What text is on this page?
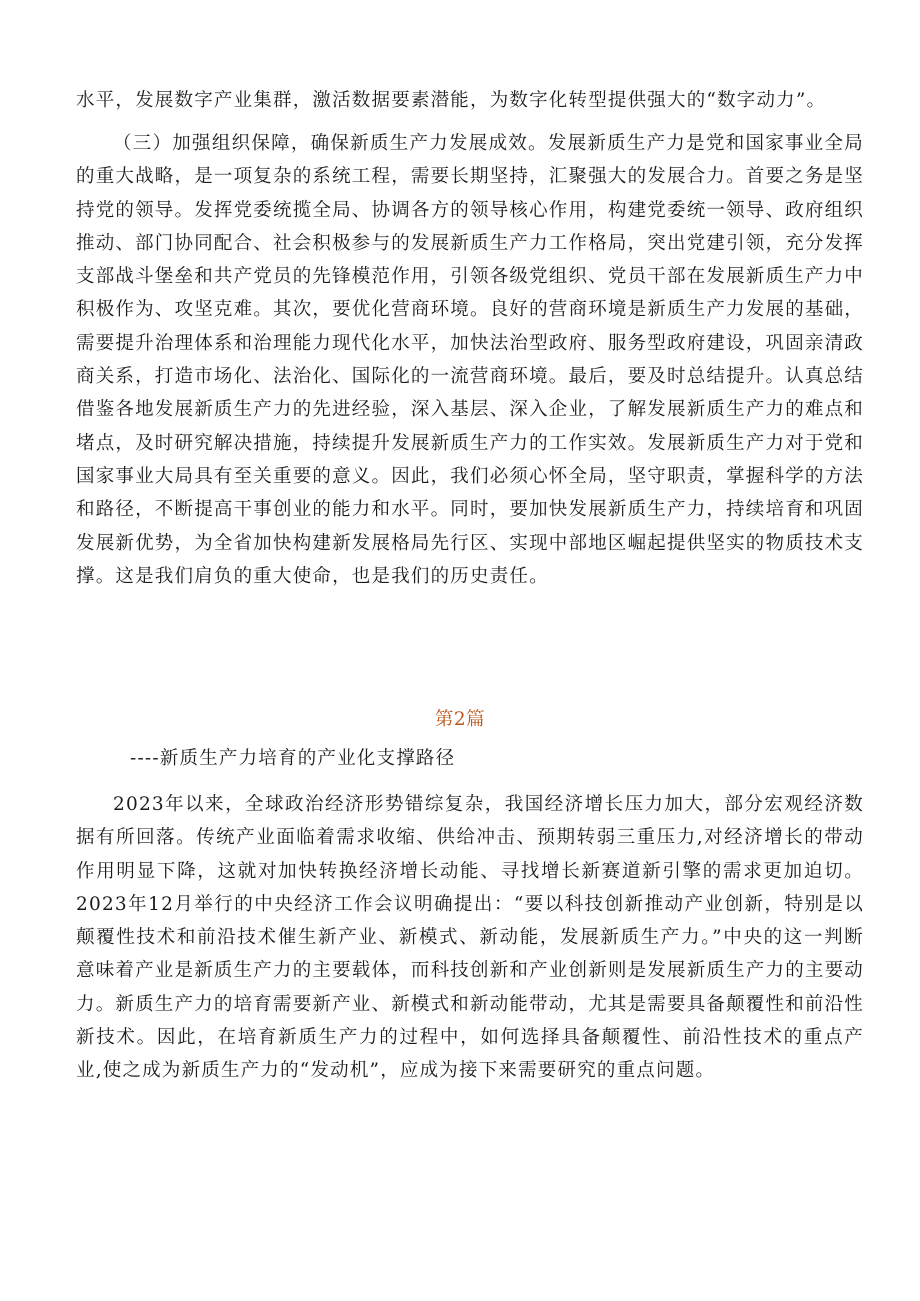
水平，发展数字产业集群，激活数据要素潜能，为数字化转型提供强大的“数字动力”。

（三）加强组织保障，确保新质生产力发展成效。发展新质生产力是党和国家事业全局的重大战略，是一项复杂的系统工程，需要长期坚持，汇聚强大的发展合力。首要之务是坚持党的领导。发挥党委统揽全局、协调各方的领导核心作用，构建党委统一领导、政府组织推动、部门协同配合、社会积极参与的发展新质生产力工作格局，突出党建引领，充分发挥支部战斗堡垒和共产党员的先锋模范作用，引领各级党组织、党员干部在发展新质生产力中积极作为、攻坚克难。其次，要优化营商环境。良好的营商环境是新质生产力发展的基础，需要提升治理体系和治理能力现代化水平，加快法治型政府、服务型政府建设，巩固亲清政商关系，打造市场化、法治化、国际化的一流营商环境。最后，要及时总结提升。认真总结借鉴各地发展新质生产力的先进经验，深入基层、深入企业，了解发展新质生产力的难点和堵点，及时研究解决措施，持续提升发展新质生产力的工作实效。发展新质生产力对于党和国家事业大局具有至关重要的意义。因此，我们必须心怀全局，坚守职责，掌握科学的方法和路径，不断提高干事创业的能力和水平。同时，要加快发展新质生产力，持续培育和巩固发展新优势，为全省加快构建新发展格局先行区、实现中部地区崛起提供坚实的物质技术支撑。这是我们肩负的重大使命，也是我们的历史责任。

第2篇

----新质生产力培育的产业化支撑路径

2023年以来，全球政治经济形势错综复杂，我国经济增长压力加大，部分宏观经济数据有所回落。传统产业面临着需求收缩、供给冲击、预期转弱三重压力,对经济增长的带动作用明显下降，这就对加快转换经济增长动能、寻找增长新赛道新引擎的需求更加迫切。2023年12月举行的中央经济工作会议明确提出：“要以科技创新推动产业创新，特别是以颠覆性技术和前沿技术催生新产业、新模式、新动能，发展新质生产力。”中央的这一判断意味着产业是新质生产力的主要载体，而科技创新和产业创新则是发展新质生产力的主要动力。新质生产力的培育需要新产业、新模式和新动能带动，尤其是需要具备颠覆性和前沿性新技术。因此，在培育新质生产力的过程中，如何选择具备颠覆性、前沿性技术的重点产业,使之成为新质生产力的“发动机”，应成为接下来需要研究的重点问题。
